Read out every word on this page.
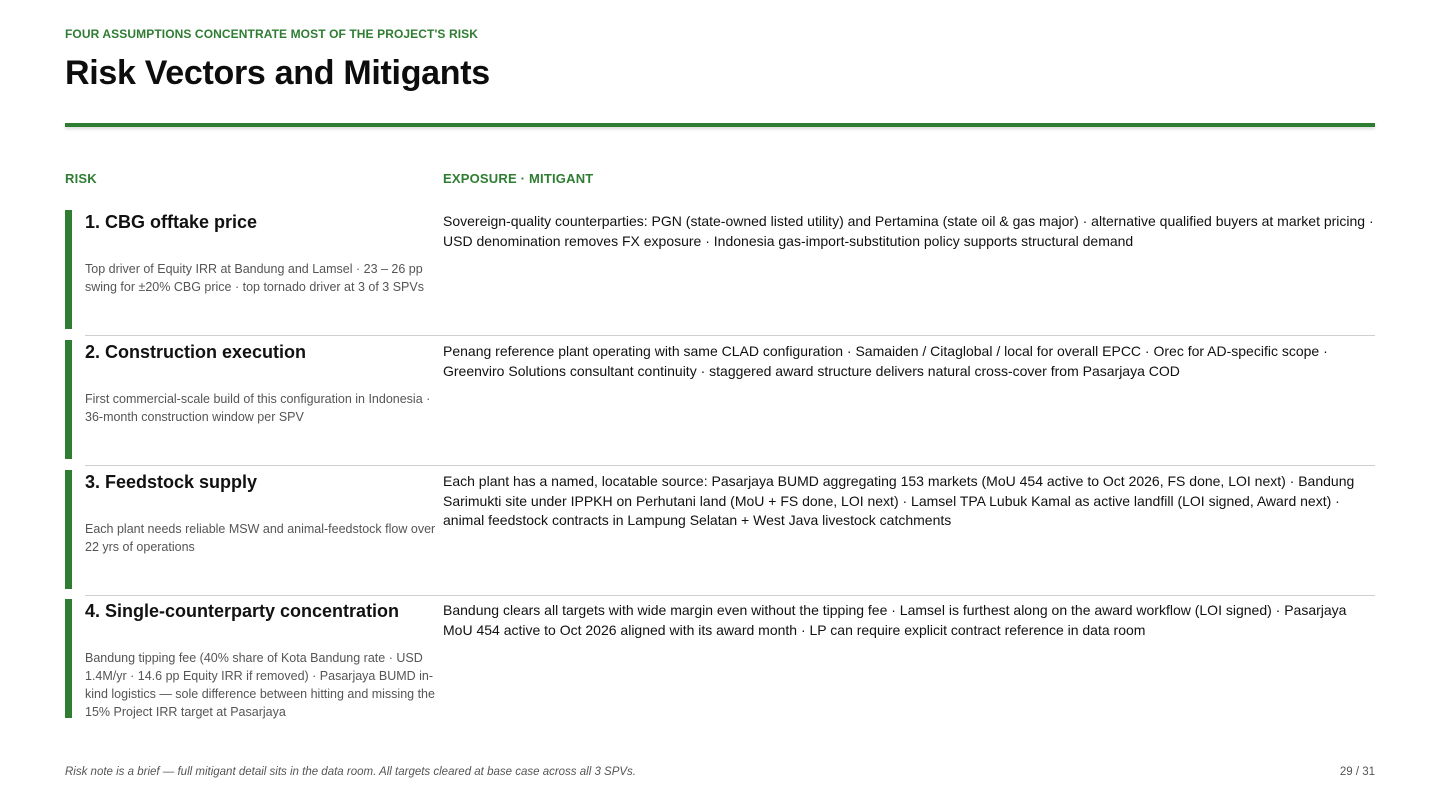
FOUR ASSUMPTIONS CONCENTRATE MOST OF THE PROJECT'S RISK
Risk Vectors and Mitigants
RISK	EXPOSURE · MITIGANT
1. CBG offtake price
Top driver of Equity IRR at Bandung and Lamsel · 23 – 26 pp swing for ±20% CBG price · top tornado driver at 3 of 3 SPVs
Sovereign-quality counterparties: PGN (state-owned listed utility) and Pertamina (state oil & gas major) · alternative qualified buyers at market pricing · USD denomination removes FX exposure · Indonesia gas-import-substitution policy supports structural demand
2. Construction execution
First commercial-scale build of this configuration in Indonesia · 36-month construction window per SPV
Penang reference plant operating with same CLAD configuration · Samaiden / Citaglobal / local for overall EPCC · Orec for AD-specific scope · Greenviro Solutions consultant continuity · staggered award structure delivers natural cross-cover from Pasarjaya COD
3. Feedstock supply
Each plant needs reliable MSW and animal-feedstock flow over 22 yrs of operations
Each plant has a named, locatable source: Pasarjaya BUMD aggregating 153 markets (MoU 454 active to Oct 2026, FS done, LOI next) · Bandung Sarimukti site under IPPKH on Perhutani land (MoU + FS done, LOI next) · Lamsel TPA Lubuk Kamal as active landfill (LOI signed, Award next) · animal feedstock contracts in Lampung Selatan + West Java livestock catchments
4. Single-counterparty concentration
Bandung tipping fee (40% share of Kota Bandung rate · USD 1.4M/yr · 14.6 pp Equity IRR if removed) · Pasarjaya BUMD in-kind logistics — sole difference between hitting and missing the 15% Project IRR target at Pasarjaya
Bandung clears all targets with wide margin even without the tipping fee · Lamsel is furthest along on the award workflow (LOI signed) · Pasarjaya MoU 454 active to Oct 2026 aligned with its award month · LP can require explicit contract reference in data room
Risk note is a brief — full mitigant detail sits in the data room. All targets cleared at base case across all 3 SPVs.	29 / 31
